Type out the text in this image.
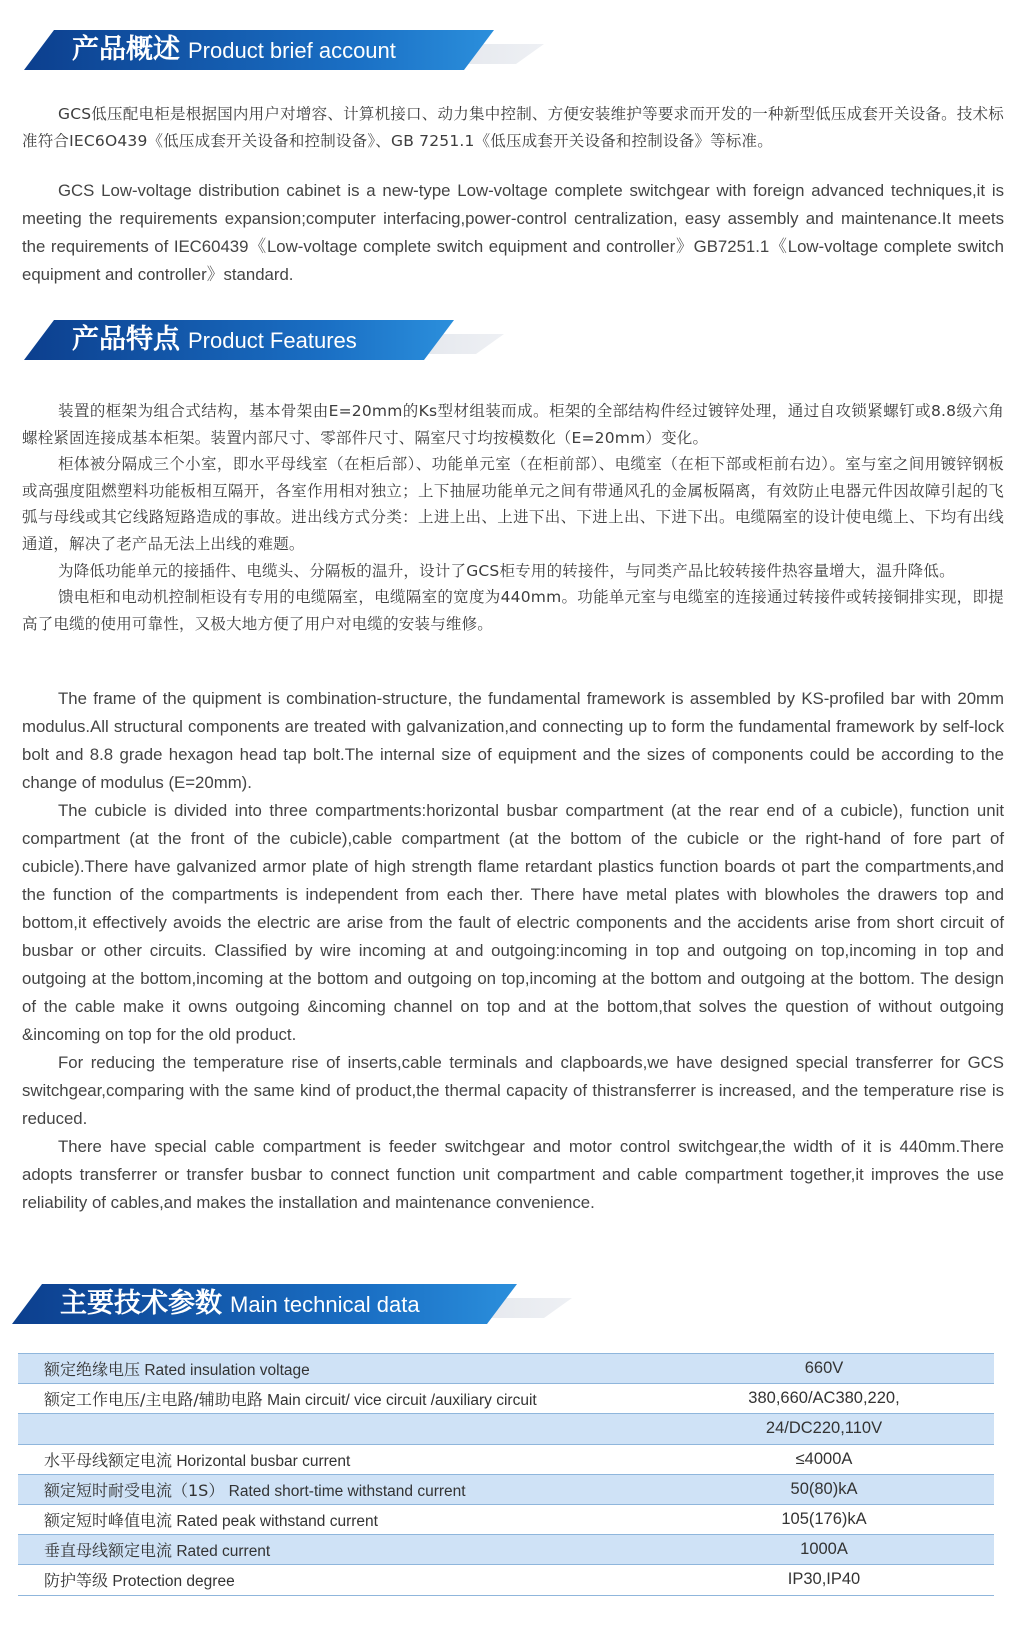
产品概述 Product brief account

GCS低压配电柜是根据国内用户对增容、计算机接口、动力集中控制、方便安装维护等要求而开发的一种新型低压成套开关设备。技术标准符合IEC6O439《低压成套开关设备和控制设备》、GB 7251.1《低压成套开关设备和控制设备》等标准。

GCS Low-voltage distribution cabinet is a new-type Low-voltage complete switchgear with foreign advanced techniques,it is meeting the requirements expansion;computer interfacing,power-control centralization, easy assembly and maintenance.It meets the requirements of IEC60439《Low-voltage complete switch equipment and controller》GB7251.1《Low-voltage complete switch equipment and controller》standard.

产品特点 Product Features

装置的框架为组合式结构，基本骨架由E=20mm的Ks型材组装而成。柜架的全部结构件经过镀锌处理，通过自攻锁紧螺钉或8.8级六角螺栓紧固连接成基本柜架。装置内部尺寸、零部件尺寸、隔室尺寸均按模数化（E=20mm）变化。

柜体被分隔成三个小室，即水平母线室（在柜后部）、功能单元室（在柜前部）、电缆室（在柜下部或柜前右边）。室与室之间用镀锌钢板或高强度阻燃塑料功能板相互隔开，各室作用相对独立；上下抽屉功能单元之间有带通风孔的金属板隔离，有效防止电器元件因故障引起的飞弧与母线或其它线路短路造成的事故。进出线方式分类：上进上出、上进下出、下进上出、下进下出。电缆隔室的设计使电缆上、下均有出线通道，解决了老产品无法上出线的难题。

为降低功能单元的接插件、电缆头、分隔板的温升，设计了GCS柜专用的转接件，与同类产品比较转接件热容量增大，温升降低。

馈电柜和电动机控制柜设有专用的电缆隔室，电缆隔室的宽度为440mm。功能单元室与电缆室的连接通过转接件或转接铜排实现，即提高了电缆的使用可靠性，又极大地方便了用户对电缆的安装与维修。

The frame of the quipment is combination-structure, the fundamental framework is assembled by KS-profiled bar with 20mm modulus.All structural components are treated with galvanization,and connecting up to form the fundamental framework by self-lock bolt and 8.8 grade hexagon head tap bolt.The internal size of equipment and the sizes of components could be according to the change of modulus (E=20mm).

The cubicle is divided into three compartments:horizontal busbar compartment (at the rear end of a cubicle), function unit compartment (at the front of the cubicle),cable compartment (at the bottom of the cubicle or the right-hand of fore part of cubicle).There have galvanized armor plate of high strength flame retardant plastics function boards ot part the compartments,and the function of the compartments is independent from each ther. There have metal plates with blowholes the drawers top and bottom,it effectively avoids the electric are arise from the fault of electric components and the accidents arise from short circuit of busbar or other circuits. Classified by wire incoming at and outgoing:incoming in top and outgoing on top,incoming in top and outgoing at the bottom,incoming at the bottom and outgoing on top,incoming at the bottom and outgoing at the bottom. The design of the cable make it owns outgoing &incoming channel on top and at the bottom,that solves the question of without outgoing &incoming on top for the old product.

For reducing the temperature rise of inserts,cable terminals and clapboards,we have designed special transferrer for GCS switchgear,comparing with the same kind of product,the thermal capacity of thistransferrer is increased, and the temperature rise is reduced.

There have special cable compartment is feeder switchgear and motor control switchgear,the width of it is 440mm.There adopts transferrer or transfer busbar to connect function unit compartment and cable compartment together,it improves the use reliability of cables,and makes the installation and maintenance convenience.

主要技术参数 Main technical data
额定绝缘电压 Rated insulation voltage	660V
额定工作电压/主电路/辅助电路 Main circuit/ vice circuit /auxiliary circuit	380,660/AC380,220,
	24/DC220,110V
水平母线额定电流 Horizontal busbar current	≤4000A
额定短时耐受电流（1S） Rated short-time withstand current	50(80)kA
额定短时峰值电流 Rated peak withstand current	105(176)kA
垂直母线额定电流 Rated current	1000A
防护等级 Protection degree	IP30,IP40
